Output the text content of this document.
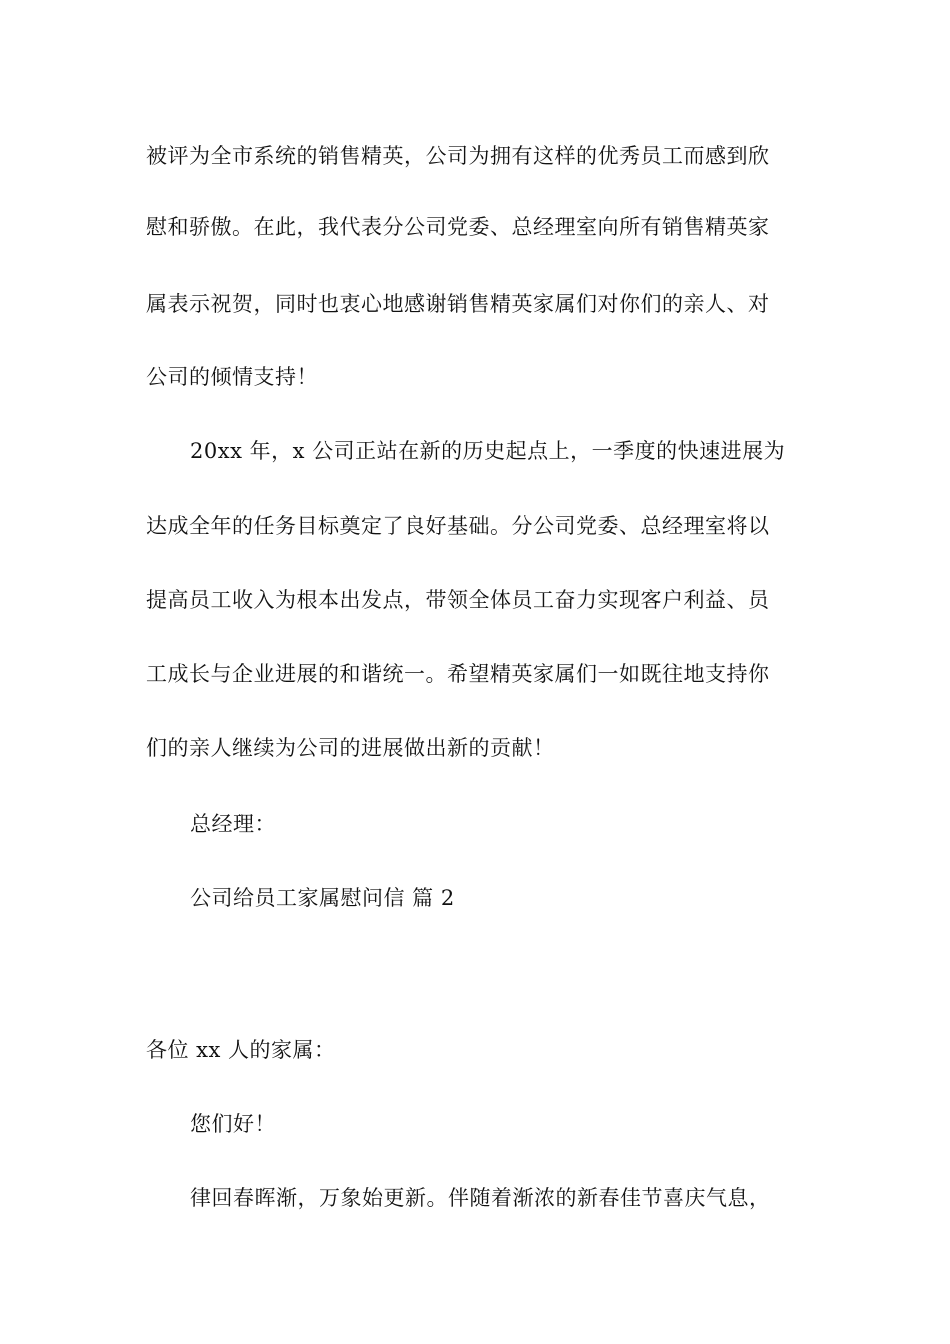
被评为全市系统的销售精英，公司为拥有这样的优秀员工而感到欣
慰和骄傲。在此，我代表分公司党委、总经理室向所有销售精英家
属表示祝贺，同时也衷心地感谢销售精英家属们对你们的亲人、对
公司的倾情支持！
20xx 年，x 公司正站在新的历史起点上，一季度的快速进展为
达成全年的任务目标奠定了良好基础。分公司党委、总经理室将以
提高员工收入为根本出发点，带领全体员工奋力实现客户利益、员
工成长与企业进展的和谐统一。希望精英家属们一如既往地支持你
们的亲人继续为公司的进展做出新的贡献！
总经理：
公司给员工家属慰问信 篇 2
各位 xx 人的家属：
您们好！
律回春晖渐，万象始更新。伴随着渐浓的新春佳节喜庆气息，
